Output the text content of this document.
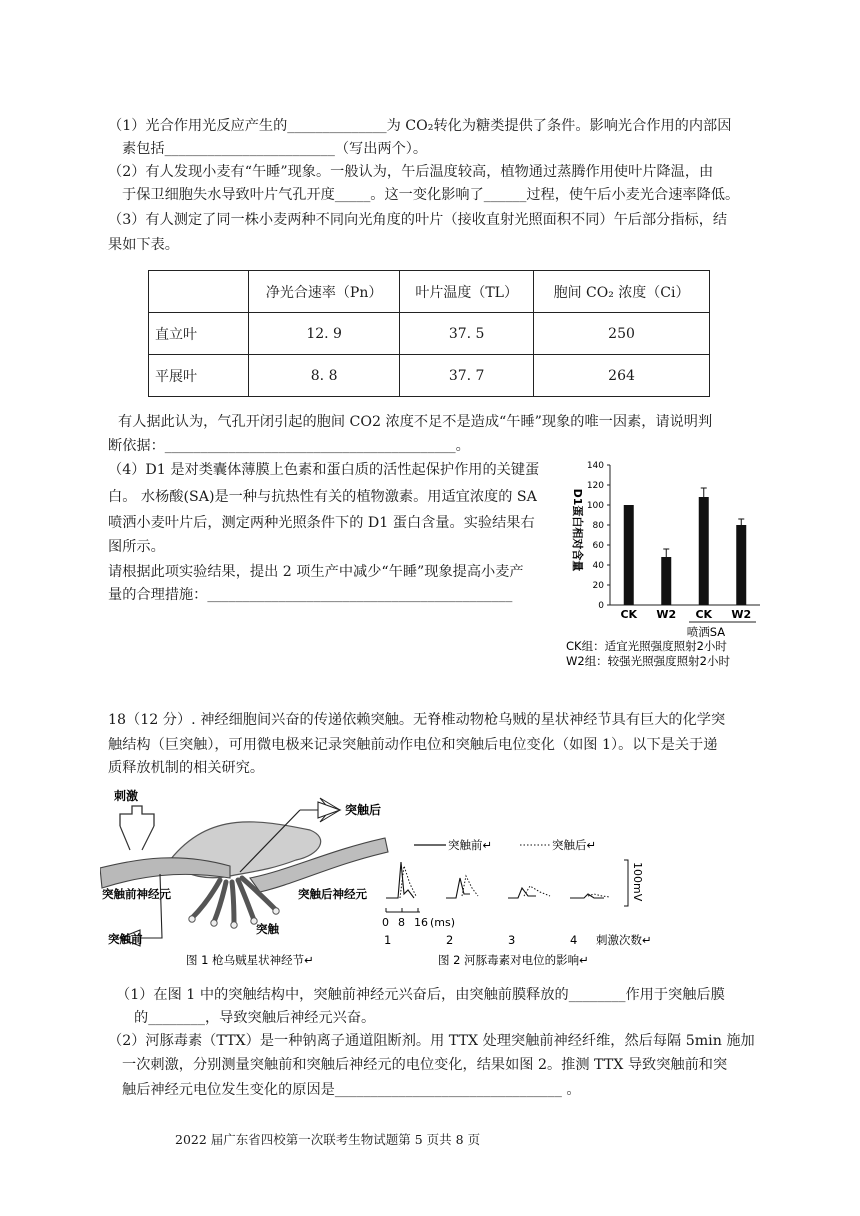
（1）光合作用光反应产生的______________为 CO₂转化为糖类提供了条件。影响光合作用的内部因
素包括________________________（写出两个）。
（2）有人发现小麦有“午睡”现象。一般认为，午后温度较高，植物通过蒸腾作用使叶片降温，由
于保卫细胞失水导致叶片气孔开度_____。这一变化影响了______过程，使午后小麦光合速率降低。
（3）有人测定了同一株小麦两种不同向光角度的叶片（接收直射光照面积不同）午后部分指标，结
果如下表。
	净光合速率（Pn）	叶片温度（TL）	胞间 CO₂ 浓度（Ci）
直立叶	12. 9	37. 5	250
平展叶	8. 8	37. 7	264
有人据此认为，气孔开闭引起的胞间 CO2 浓度不足不是造成“午睡”现象的唯一因素，请说明判
断依据：_________________________________________。
（4）D1 是对类囊体薄膜上色素和蛋白质的活性起保护作用的关键蛋
白。 水杨酸(SA)是一种与抗热性有关的植物激素。用适宜浓度的 SA
喷洒小麦叶片后，测定两种光照条件下的 D1 蛋白含量。实验结果右
图所示。
请根据此项实验结果，提出 2 项生产中减少“午睡”现象提高小麦产
量的合理措施：___________________________________________
D1蛋白相对含量
0
20
40
60
80
100
120
140
CK W2 CK W2
喷洒SA
CK组：适宜光照强度照射2小时
W2组：较强光照强度照射2小时
18（12 分）. 神经细胞间兴奋的传递依赖突触。无脊椎动物枪乌贼的星状神经节具有巨大的化学突
触结构（巨突触），可用微电极来记录突触前动作电位和突触后电位变化（如图 1）。以下是关于递
质释放机制的相关研究。
刺激
突触后
突触前神经元	突触后神经元
突触
突触前
图 1 枪乌贼星状神经节↵
突触前↵	突触后↵
0 8 16 (ms)
100mV
1	2	3	4 刺激次数↵
图 2 河豚毒素对电位的影响↵
（1）在图 1 中的突触结构中，突触前神经元兴奋后，由突触前膜释放的________作用于突触后膜
的________，导致突触后神经元兴奋。
（2）河豚毒素（TTX）是一种钠离子通道阻断剂。用 TTX 处理突触前神经纤维，然后每隔 5min 施加
一次刺激，分别测量突触前和突触后神经元的电位变化，结果如图 2。推测 TTX 导致突触前和突
触后神经元电位发生变化的原因是________________________________ 。
2022 届广东省四校第一次联考生物试题第 5 页共 8 页
